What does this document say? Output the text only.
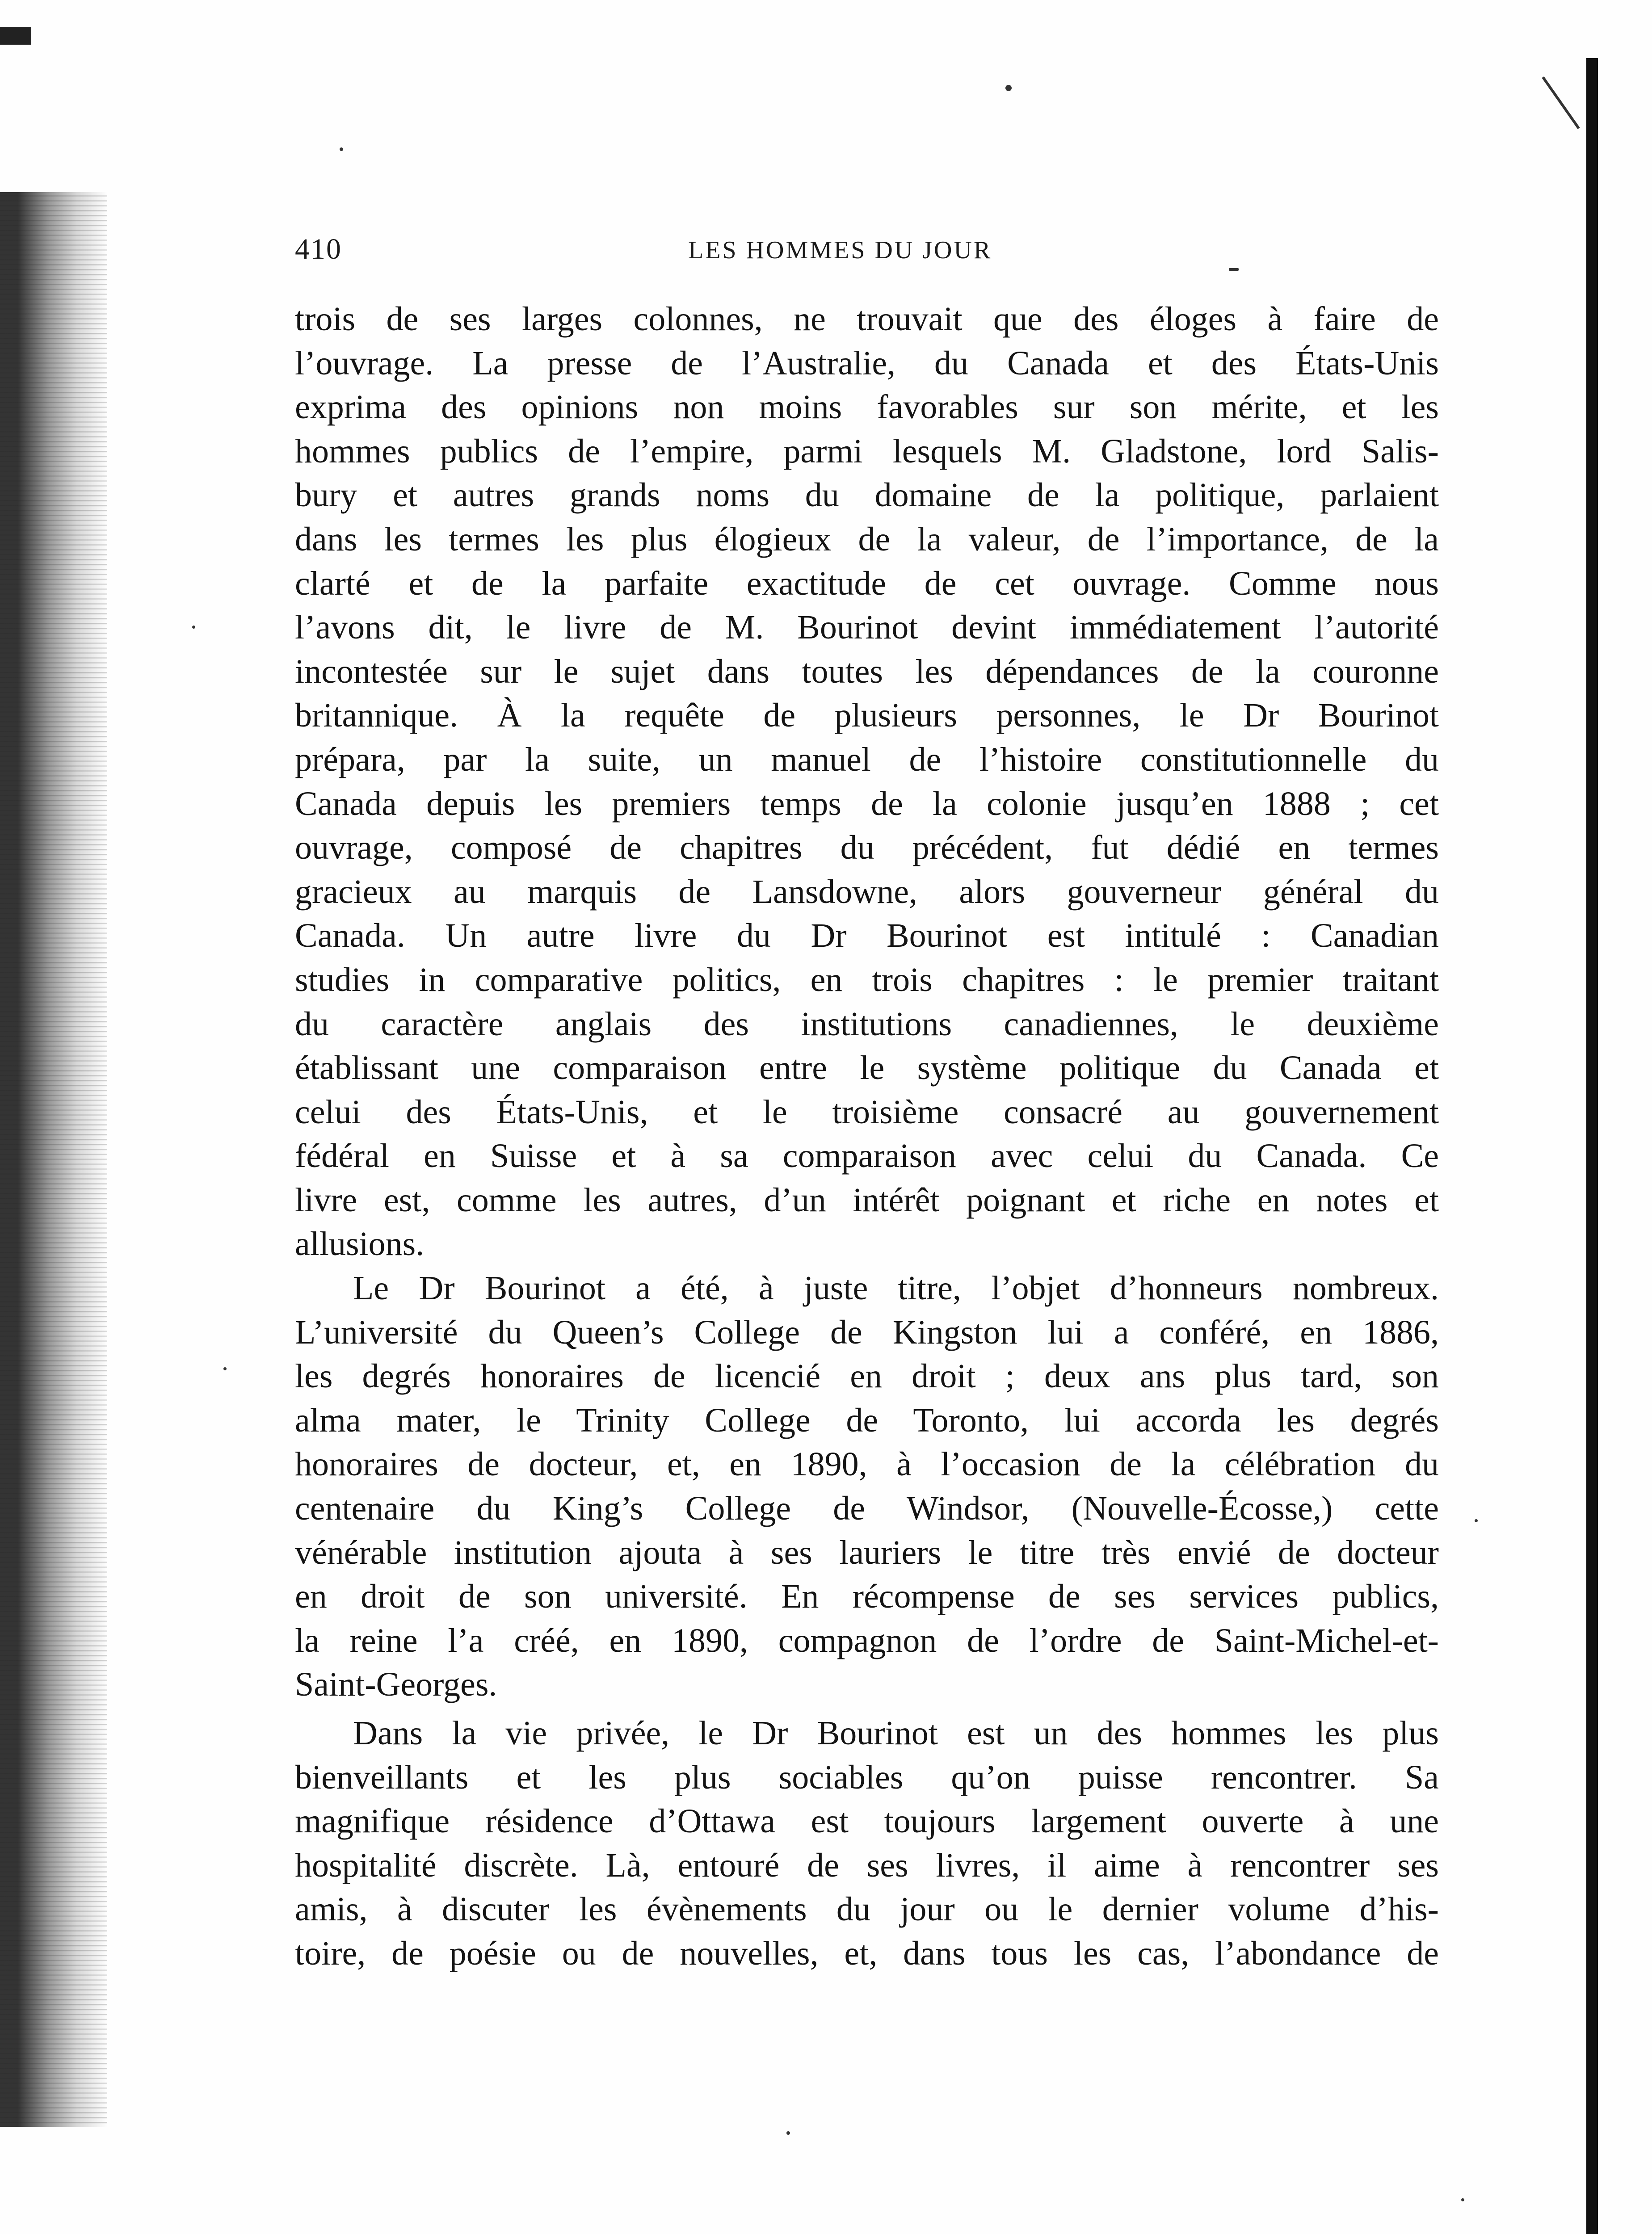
410	LES HOMMES DU JOUR
trois de ses larges colonnes, ne trouvait que des éloges à faire de
l’ouvrage. La presse de l’Australie, du Canada et des États-Unis
exprima des opinions non moins favorables sur son mérite, et les
hommes publics de l’empire, parmi lesquels M. Gladstone, lord Salis-
bury et autres grands noms du domaine de la politique, parlaient
dans les termes les plus élogieux de la valeur, de l’importance, de la
clarté et de la parfaite exactitude de cet ouvrage. Comme nous
l’avons dit, le livre de M. Bourinot devint immédiatement l’autorité
incontestée sur le sujet dans toutes les dépendances de la couronne
britannique. À la requête de plusieurs personnes, le Dr Bourinot
prépara, par la suite, un manuel de l’histoire constitutionnelle du
Canada depuis les premiers temps de la colonie jusqu’en 1888 ; cet
ouvrage, composé de chapitres du précédent, fut dédié en termes
gracieux au marquis de Lansdowne, alors gouverneur général du
Canada. Un autre livre du Dr Bourinot est intitulé : Canadian
studies in comparative politics, en trois chapitres : le premier traitant
du caractère anglais des institutions canadiennes, le deuxième
établissant une comparaison entre le système politique du Canada et
celui des États-Unis, et le troisième consacré au gouvernement
fédéral en Suisse et à sa comparaison avec celui du Canada. Ce
livre est, comme les autres, d’un intérêt poignant et riche en notes et
allusions.
Le Dr Bourinot a été, à juste titre, l’objet d’honneurs nombreux.
L’université du Queen’s College de Kingston lui a conféré, en 1886,
les degrés honoraires de licencié en droit ; deux ans plus tard, son
alma mater, le Trinity College de Toronto, lui accorda les degrés
honoraires de docteur, et, en 1890, à l’occasion de la célébration du
centenaire du King’s College de Windsor, (Nouvelle-Écosse,) cette
vénérable institution ajouta à ses lauriers le titre très envié de docteur
en droit de son université. En récompense de ses services publics,
la reine l’a créé, en 1890, compagnon de l’ordre de Saint-Michel-et-
Saint-Georges.
Dans la vie privée, le Dr Bourinot est un des hommes les plus
bienveillants et les plus sociables qu’on puisse rencontrer. Sa
magnifique résidence d’Ottawa est toujours largement ouverte à une
hospitalité discrète. Là, entouré de ses livres, il aime à rencontrer ses
amis, à discuter les évènements du jour ou le dernier volume d’his-
toire, de poésie ou de nouvelles, et, dans tous les cas, l’abondance de
